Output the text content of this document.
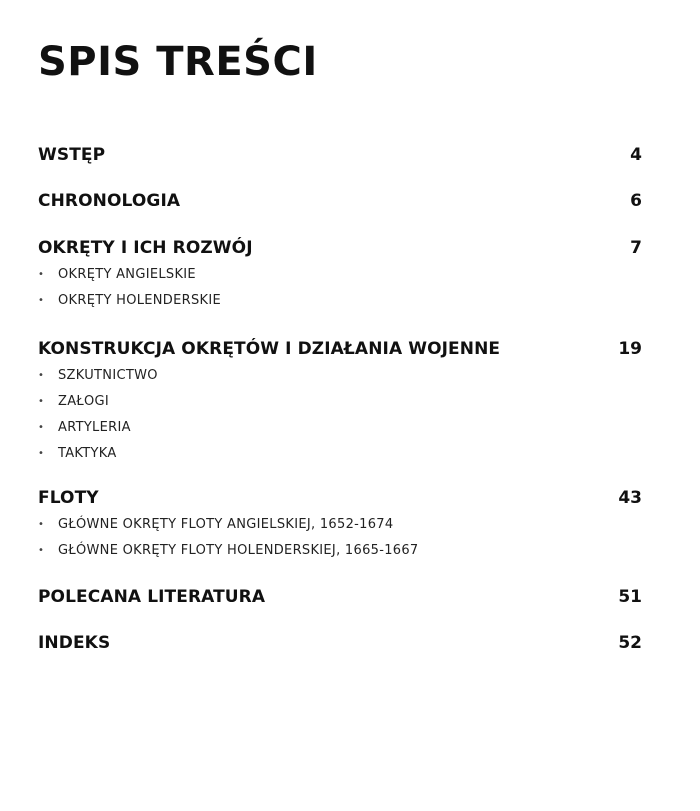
SPIS TREŚCI
WSTĘP	4
CHRONOLOGIA	6
OKRĘTY I ICH ROZWÓJ	7
•	OKRĘTY ANGIELSKIE
•	OKRĘTY HOLENDERSKIE
KONSTRUKCJA OKRĘTÓW I DZIAŁANIA WOJENNE	19
•	SZKUTNICTWO
•	ZAŁOGI
•	ARTYLERIA
•	TAKTYKA
FLOTY	43
•	GŁÓWNE OKRĘTY FLOTY ANGIELSKIEJ, 1652-1674
•	GŁÓWNE OKRĘTY FLOTY HOLENDERSKIEJ, 1665-1667
POLECANA LITERATURA	51
INDEKS	52
